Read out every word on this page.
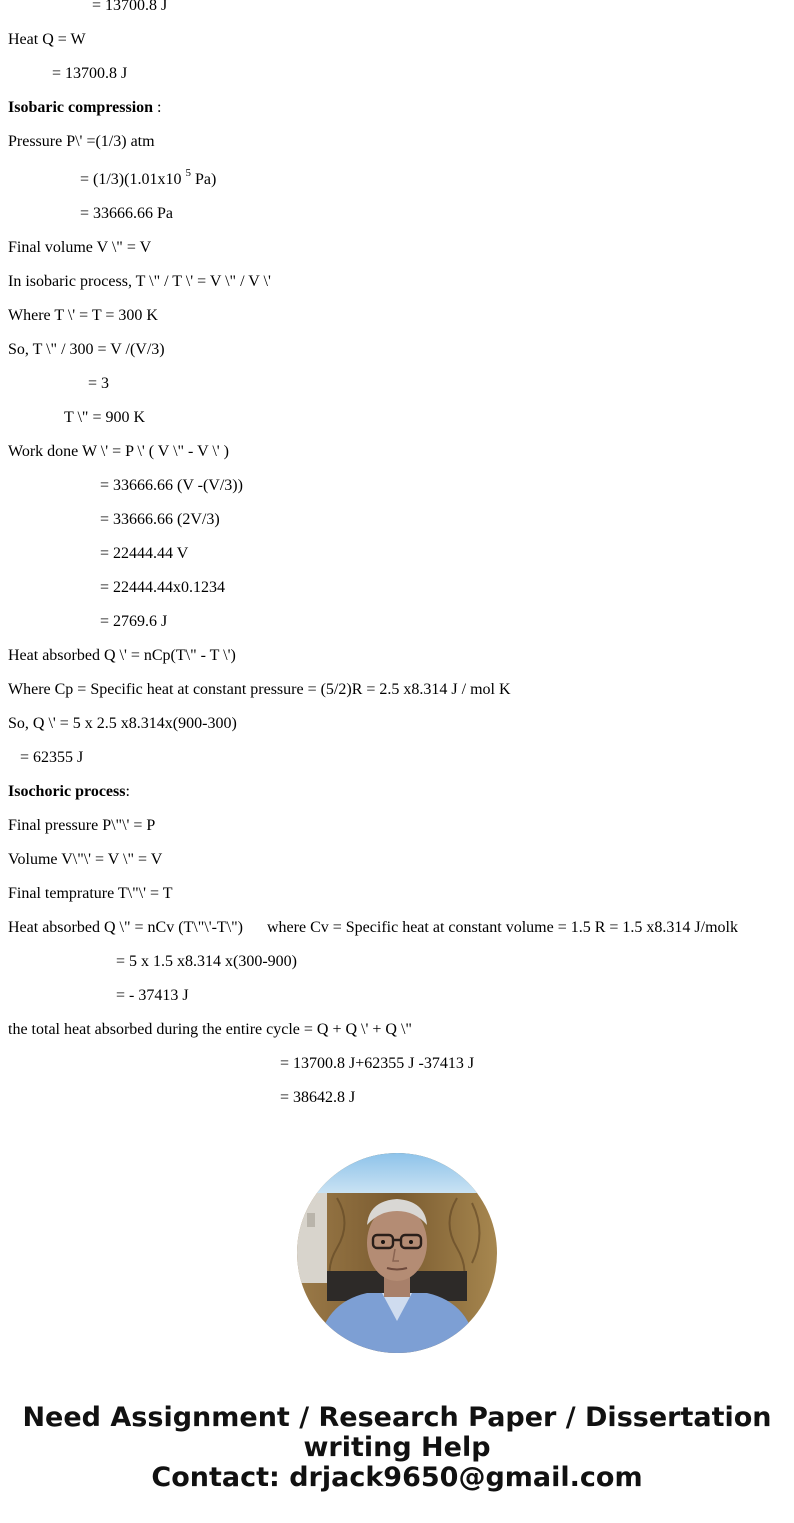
= 13700.8 J
Heat Q = W
= 13700.8 J
Isobaric compression :
Pressure P\' =(1/3) atm
= (1/3)(1.01x10 $^5$ Pa)
= 33666.66 Pa
Final volume V \" = V
In isobaric process, T \" / T \' = V \" / V \'
Where T \' = T = 300 K
So, T \" / 300 = V /(V/3)
= 3
T \" = 900 K
Work done W \' = P \' ( V \" - V \' )
= 33666.66 (V -(V/3))
= 33666.66 (2V/3)
= 22444.44 V
= 22444.44x0.1234
= 2769.6 J
Heat absorbed Q \' = nCp(T\" - T \')
Where Cp = Specific heat at constant pressure = (5/2)R = 2.5 x8.314 J / mol K
So, Q \' = 5 x 2.5 x8.314x(900-300)
= 62355 J
Isochoric process:
Final pressure P\"\' = P
Volume V\"\' = V \" = V
Final temprature T\"\' = T
Heat absorbed Q \" = nCv (T\"\'-T\")      where Cv = Specific heat at constant volume = 1.5 R = 1.5 x8.314 J/molk
= 5 x 1.5 x8.314 x(300-900)
= - 37413 J
the total heat absorbed during the entire cycle = Q + Q \' + Q \"
= 13700.8 J+62355 J -37413 J
= 38642.8 J
Need Assignment / Research Paper / Dissertation
writing Help
Contact: drjack9650@gmail.com
